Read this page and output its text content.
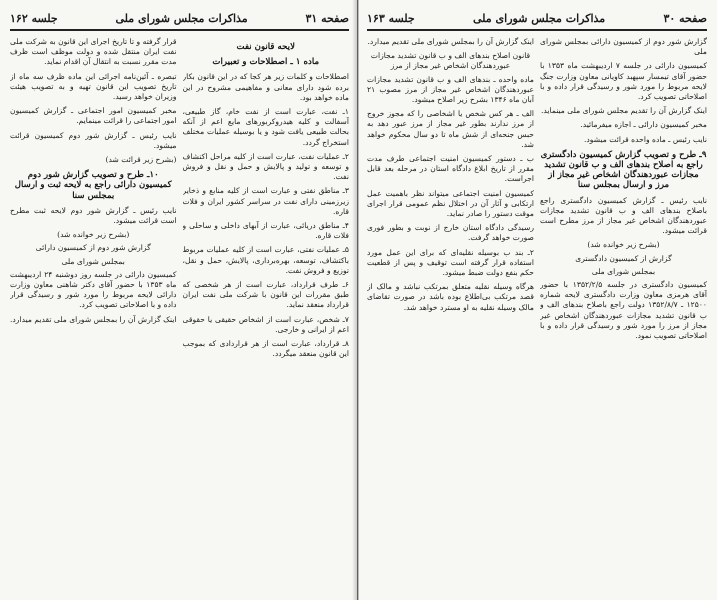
صفحه ۳۱
مذاکرات مجلس شورای ملی
جلسه ۱۶۲

لایحه قانون نفت

ماده ۱ ـ اصطلاحات و تعبیرات

اصطلاحات و کلمات زیر هر کجا که در این قانون بکار برده شود دارای معانی و مفاهیمی مشروح در این ماده خواهد بود.

۱ـ نفت، عبارت است از نفت خام، گاز طبیعی، آسفالت و کلیه هیدروکربورهای مایع اعم از آنکه بحالت طبیعی یافت شود و یا بوسیله عملیات مختلف استخراج گردد.

۲ـ عملیات نفت، عبارت است از کلیه مراحل اکتشاف و توسعه و تولید و پالایش و حمل و نقل و فروش نفت.

۳ـ مناطق نفتی و عبارت است از کلیه منابع و ذخایر زیرزمینی دارای نفت در سراسر کشور ایران و فلات قاره.

۴ـ مناطق دریائی، عبارت از آبهای داخلی و ساحلی و فلات قاره.

۵ـ عملیات نفتی، عبارت است از کلیه عملیات مربوط باکتشاف، توسعه، بهره‌برداری، پالایش، حمل و نقل، توزیع و فروش نفت.

۶ـ طرف قرارداد، عبارت است از هر شخصی که طبق مقررات این قانون با شرکت ملی نفت ایران قرارداد منعقد نماید.

۷ـ شخص، عبارت است از اشخاص حقیقی یا حقوقی اعم از ایرانی و خارجی.

۸ـ قرارداد، عبارت است از هر قراردادی که بموجب این قانون منعقد میگردد.

قرار گرفته و تا تاریخ اجرای این قانون به شرکت ملی نفت ایران منتقل شده و دولت موظف است ظرف مدت مقرر نسبت به انتقال آن اقدام نماید.

تبصره ـ آئین‌نامه اجرائی این ماده ظرف سه ماه از تاریخ تصویب این قانون تهیه و به تصویب هیئت وزیران خواهد رسید.

مخبر کمیسیون امور اجتماعی ـ گزارش کمیسیون امور اجتماعی را قرائت مینمایم.

نایب رئیس ـ گزارش شور دوم کمیسیون قرائت میشود.

(بشرح زیر قرائت شد)

۱۰ـ طرح و تصویب گزارش شور دوم کمیسیون دارائی راجع به لایحه ثبت و ارسال بمجلس سنا

نایب رئیس ـ گزارش شور دوم لایحه ثبت مطرح است قرائت میشود.

(بشرح زیر خوانده شد)

گزارش شور دوم از کمیسیون دارائی

بمجلس شورای ملی

کمیسیون دارائی در جلسه روز دوشنبه ۲۴ اردیبهشت ماه ۱۳۵۳ با حضور آقای دکتر شاهنی معاون وزارت دارائی لایحه مربوط را مورد شور و رسیدگی قرار داده و با اصلاحاتی تصویب کرد.

اینک گزارش آن را بمجلس شورای ملی تقدیم میدارد.

صفحه ۳۰
مذاکرات مجلس شورای ملی
جلسه ۱۶۳

گزارش شور دوم از کمیسیون دارائی بمجلس شورای ملی

کمیسیون دارائی در جلسه ۷ اردیبهشت ماه ۱۳۵۳ با حضور آقای تیمسار سپهبد کاویانی معاون وزارت جنگ لایحه مربوط را مورد شور و رسیدگی قرار داده و با اصلاحاتی تصویب کرد.

اینک گزارش آن را تقدیم مجلس شورای ملی مینماید.

مخبر کمیسیون دارائی ـ اجازه میفرمائید.

نایب رئیس ـ ماده واحده قرائت میشود.

۹ـ طرح و تصویب گزارش کمیسیون دادگستری راجع به اصلاح بندهای الف و ب قانون تشدید مجازات عبوردهندگان اشخاص غیر مجاز از مرز و ارسال بمجلس سنا

نایب رئیس ـ گزارش کمیسیون دادگستری راجع باصلاح بندهای الف و ب قانون تشدید مجازات عبوردهندگان اشخاص غیر مجاز از مرز مطرح است قرائت میشود.

(بشرح زیر خوانده شد)

گزارش از کمیسیون دادگستری

بمجلس شورای ملی

کمیسیون دادگستری در جلسه ۱۳۵۲/۲/۵ با حضور آقای هرمزی معاون وزارت دادگستری لایحه شماره ۱۲۵۰۰ ـ ۱۳۵۲/۸/۷ دولت راجع باصلاح بندهای الف و ب قانون تشدید مجازات عبوردهندگان اشخاص غیر مجاز از مرز را مورد شور و رسیدگی قرار داده و با اصلاحاتی تصویب نمود.

اینک گزارش آن را بمجلس شورای ملی تقدیم میدارد.

قانون اصلاح بندهای الف و ب قانون تشدید مجازات عبوردهندگان اشخاص غیر مجاز از مرز

ماده واحده ـ بندهای الف و ب قانون تشدید مجازات عبوردهندگان اشخاص غیر مجاز از مرز مصوب ۲۱ آبان ماه ۱۳۴۶ بشرح زیر اصلاح میشود.

الف ـ هر کس شخص یا اشخاصی را که مجوز خروج از مرز ندارند بطور غیر مجاز از مرز عبور دهد به حبس جنحه‌ای از شش ماه تا دو سال محکوم خواهد شد.

ب ـ دستور کمیسیون امنیت اجتماعی طرف مدت مقرر از تاریخ ابلاغ دادگاه استان در مرحله بعد قابل اجراست.

کمیسیون امنیت اجتماعی میتواند نظر باهمیت عمل ارتکابی و آثار آن در اختلال نظم عمومی قرار اجرای موقت دستور را صادر نماید.

رسیدگی دادگاه استان خارج از نوبت و بطور فوری صورت خواهد گرفت.

۲ـ بند ب بوسیله نقلیه‌ای که برای این عمل مورد استفاده قرار گرفته است توقیف و پس از قطعیت حکم بنفع دولت ضبط میشود.

هرگاه وسیله نقلیه متعلق بمرتکب نباشد و مالک از قصد مرتکب بی‌اطلاع بوده باشد در صورت تقاضای مالک وسیله نقلیه به او مسترد خواهد شد.
